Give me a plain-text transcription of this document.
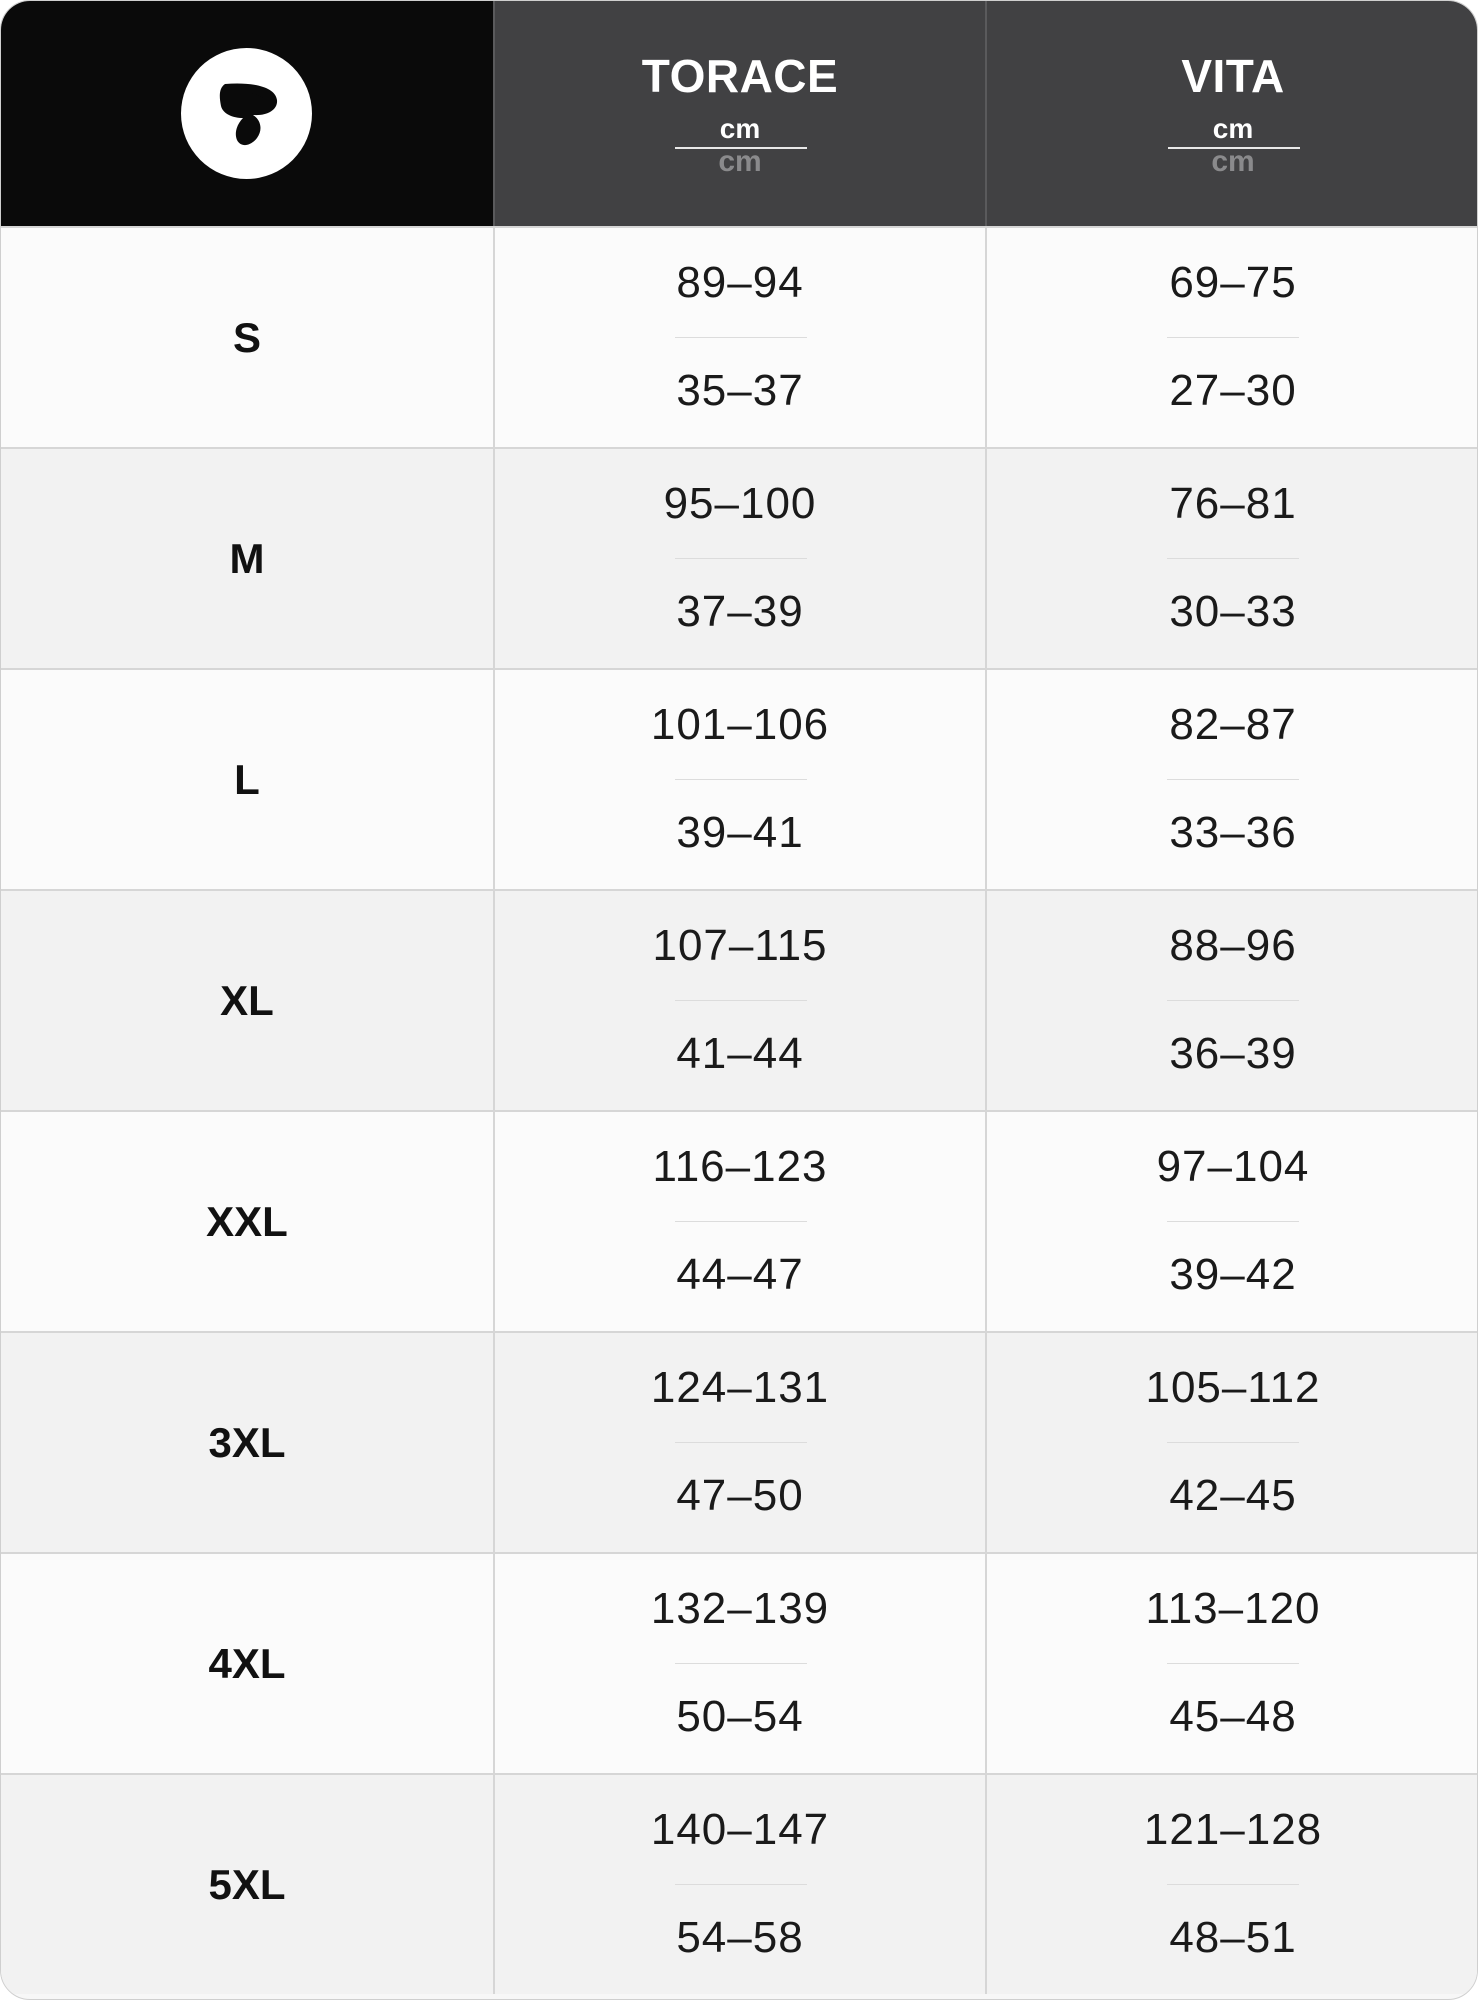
TORACE
cm
cm
VITA
cm
cm
S
89–94
35–37
69–75
27–30
M
95–100
37–39
76–81
30–33
L
101–106
39–41
82–87
33–36
XL
107–115
41–44
88–96
36–39
XXL
116–123
44–47
97–104
39–42
3XL
124–131
47–50
105–112
42–45
4XL
132–139
50–54
113–120
45–48
5XL
140–147
54–58
121–128
48–51
